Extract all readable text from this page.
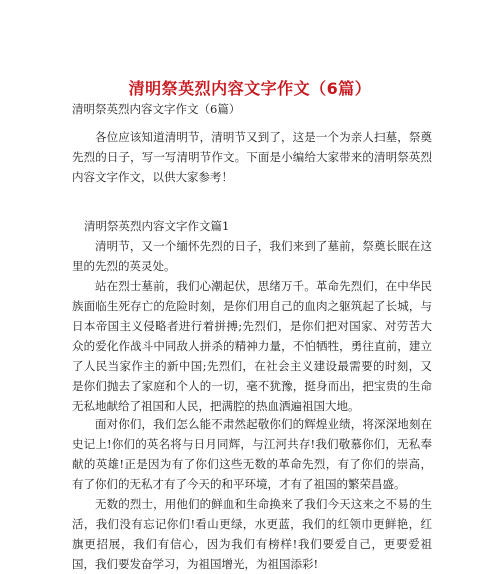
清明祭英烈内容文字作文（6篇）
清明祭英烈内容文字作文（6篇）
各位应该知道清明节，清明节又到了，这是一个为亲人扫墓，祭奠先烈的日子，写一写清明节作文。下面是小编给大家带来的清明祭英烈内容文字作文，以供大家参考！
清明祭英烈内容文字作文篇1
清明节，又一个缅怀先烈的日子，我们来到了墓前，祭奠长眠在这里的先烈的英灵处。
站在烈士墓前，我们心潮起伏，思绪万千。革命先烈们，在中华民族面临生死存亡的危险时刻，是你们用自己的血肉之躯筑起了长城，与日本帝国主义侵略者进行着拼搏;先烈们，是你们把对国家、对劳苦大众的爱化作战斗中同敌人拼杀的精神力量，不怕牺牲，勇往直前，建立了人民当家作主的新中国;先烈们，在社会主义建设最需要的时刻，又是你们抛去了家庭和个人的一切，毫不犹豫，挺身而出，把宝贵的生命无私地献给了祖国和人民，把满腔的热血洒遍祖国大地。
面对你们，我们怎么能不肃然起敬你们的辉煌业绩，将深深地刻在史记上!你们的英名将与日月同辉，与江河共存!我们敬慕你们，无私奉献的英雄!正是因为有了你们这些无数的革命先烈，有了你们的崇高，有了你们的无私才有了今天的和平环境，才有了祖国的繁荣昌盛。
无数的烈士，用他们的鲜血和生命换来了我们今天这来之不易的生活，我们没有忘记你们!看山更绿，水更蓝，我们的红领巾更鲜艳，红旗更招展，我们有信心，因为我们有榜样!我们要爱自己，更要爱祖国，我们要发奋学习，为祖国增光，为祖国添彩!
